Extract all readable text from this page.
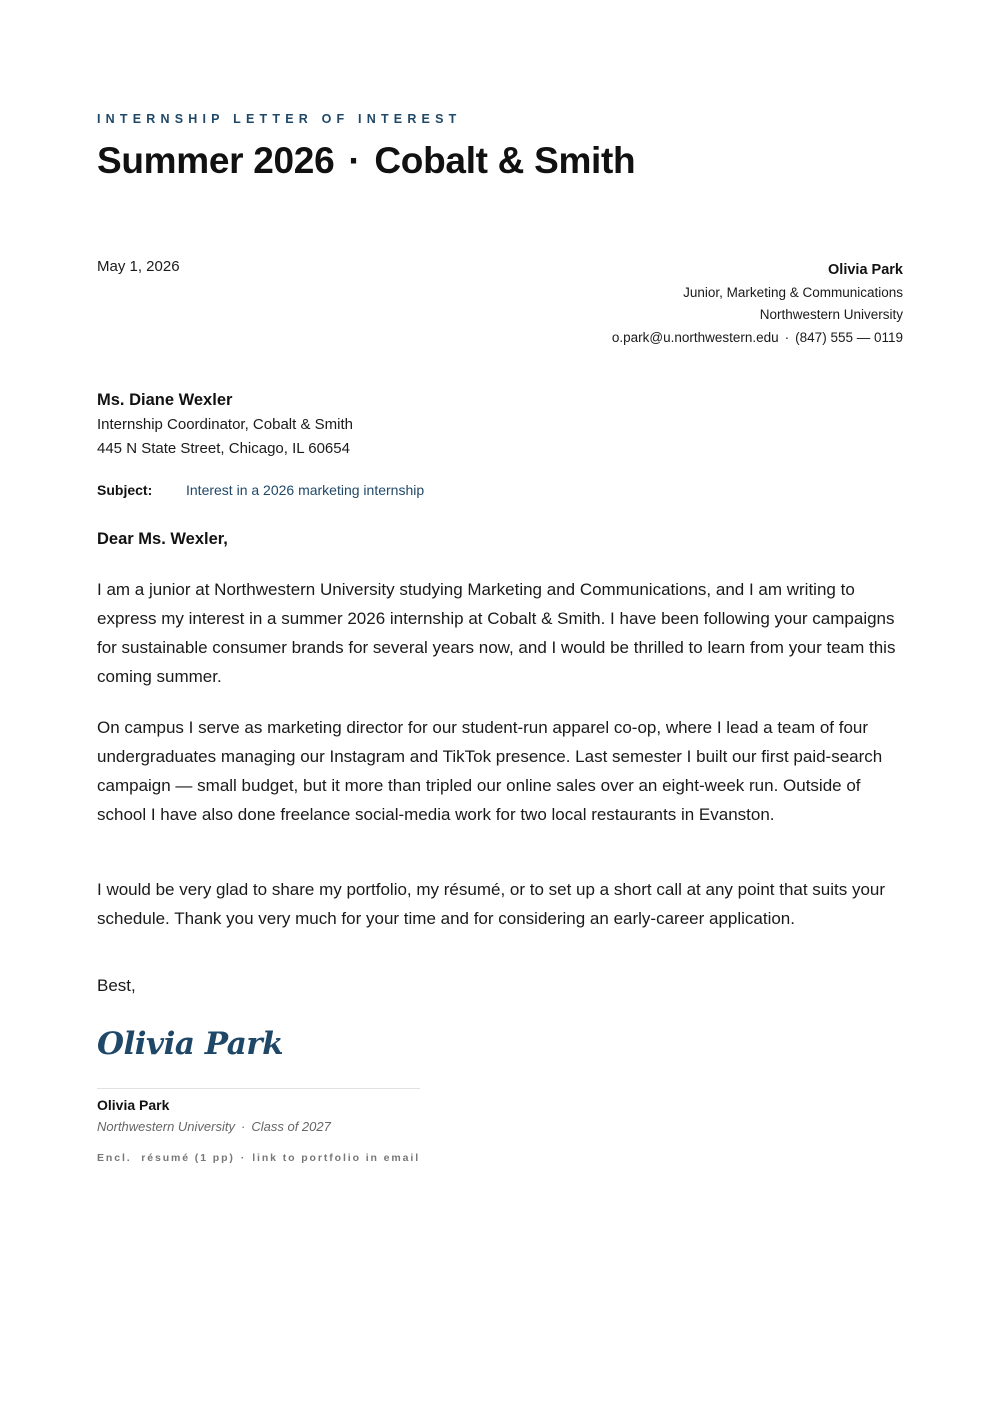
INTERNSHIP LETTER OF INTEREST
Summer 2026 · Cobalt & Smith
May 1, 2026	Olivia Park
Junior, Marketing & Communications
Northwestern University
o.park@u.northwestern.edu · (847) 555 — 0119
Ms. Diane Wexler
Internship Coordinator, Cobalt & Smith
445 N State Street, Chicago, IL 60654
Subject: Interest in a 2026 marketing internship
Dear Ms. Wexler,

I am a junior at Northwestern University studying Marketing and Communications, and I am writing to express my interest in a summer 2026 internship at Cobalt & Smith. I have been following your campaigns for sustainable consumer brands for several years now, and I would be thrilled to learn from your team this coming summer.

On campus I serve as marketing director for our student-run apparel co-op, where I lead a team of four undergraduates managing our Instagram and TikTok presence. Last semester I built our first paid-search campaign — small budget, but it more than tripled our online sales over an eight-week run. Outside of school I have also done freelance social-media work for two local restaurants in Evanston.

I would be very glad to share my portfolio, my résumé, or to set up a short call at any point that suits your schedule. Thank you very much for your time and for considering an early-career application.

Best,
Olivia Park
Olivia Park
Northwestern University · Class of 2027
Encl. résumé (1 pp) · link to portfolio in email
